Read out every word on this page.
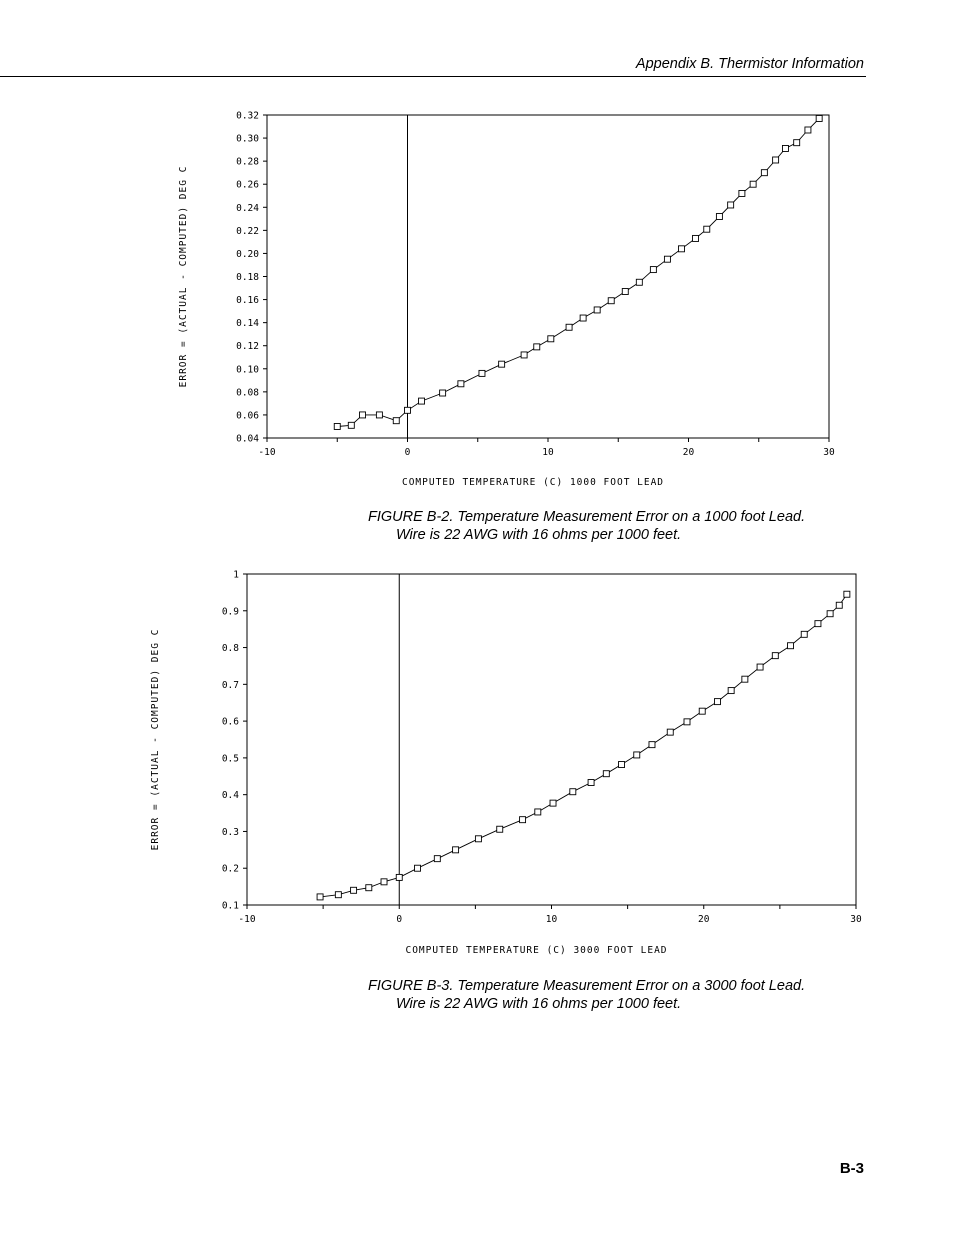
Appendix B. Thermistor Information
0.04
0.06
0.08
0.10
0.12
0.14
0.16
0.18
0.20
0.22
0.24
0.26
0.28
0.30
0.32
-10	0	10	20	30
COMPUTED TEMPERATURE (C) 1000 FOOT LEAD
ERROR = (ACTUAL - COMPUTED) DEG C
FIGURE B-2. Temperature Measurement Error on a 1000 foot Lead.
Wire is 22 AWG with 16 ohms per 1000 feet.
0.1
0.2
0.3
0.4
0.5
0.6
0.7
0.8
0.9
1
-10	0	10	20	30
COMPUTED TEMPERATURE (C) 3000 FOOT LEAD
ERROR = (ACTUAL - COMPUTED) DEG C
FIGURE B-3. Temperature Measurement Error on a 3000 foot Lead.
Wire is 22 AWG with 16 ohms per 1000 feet.
B-3
